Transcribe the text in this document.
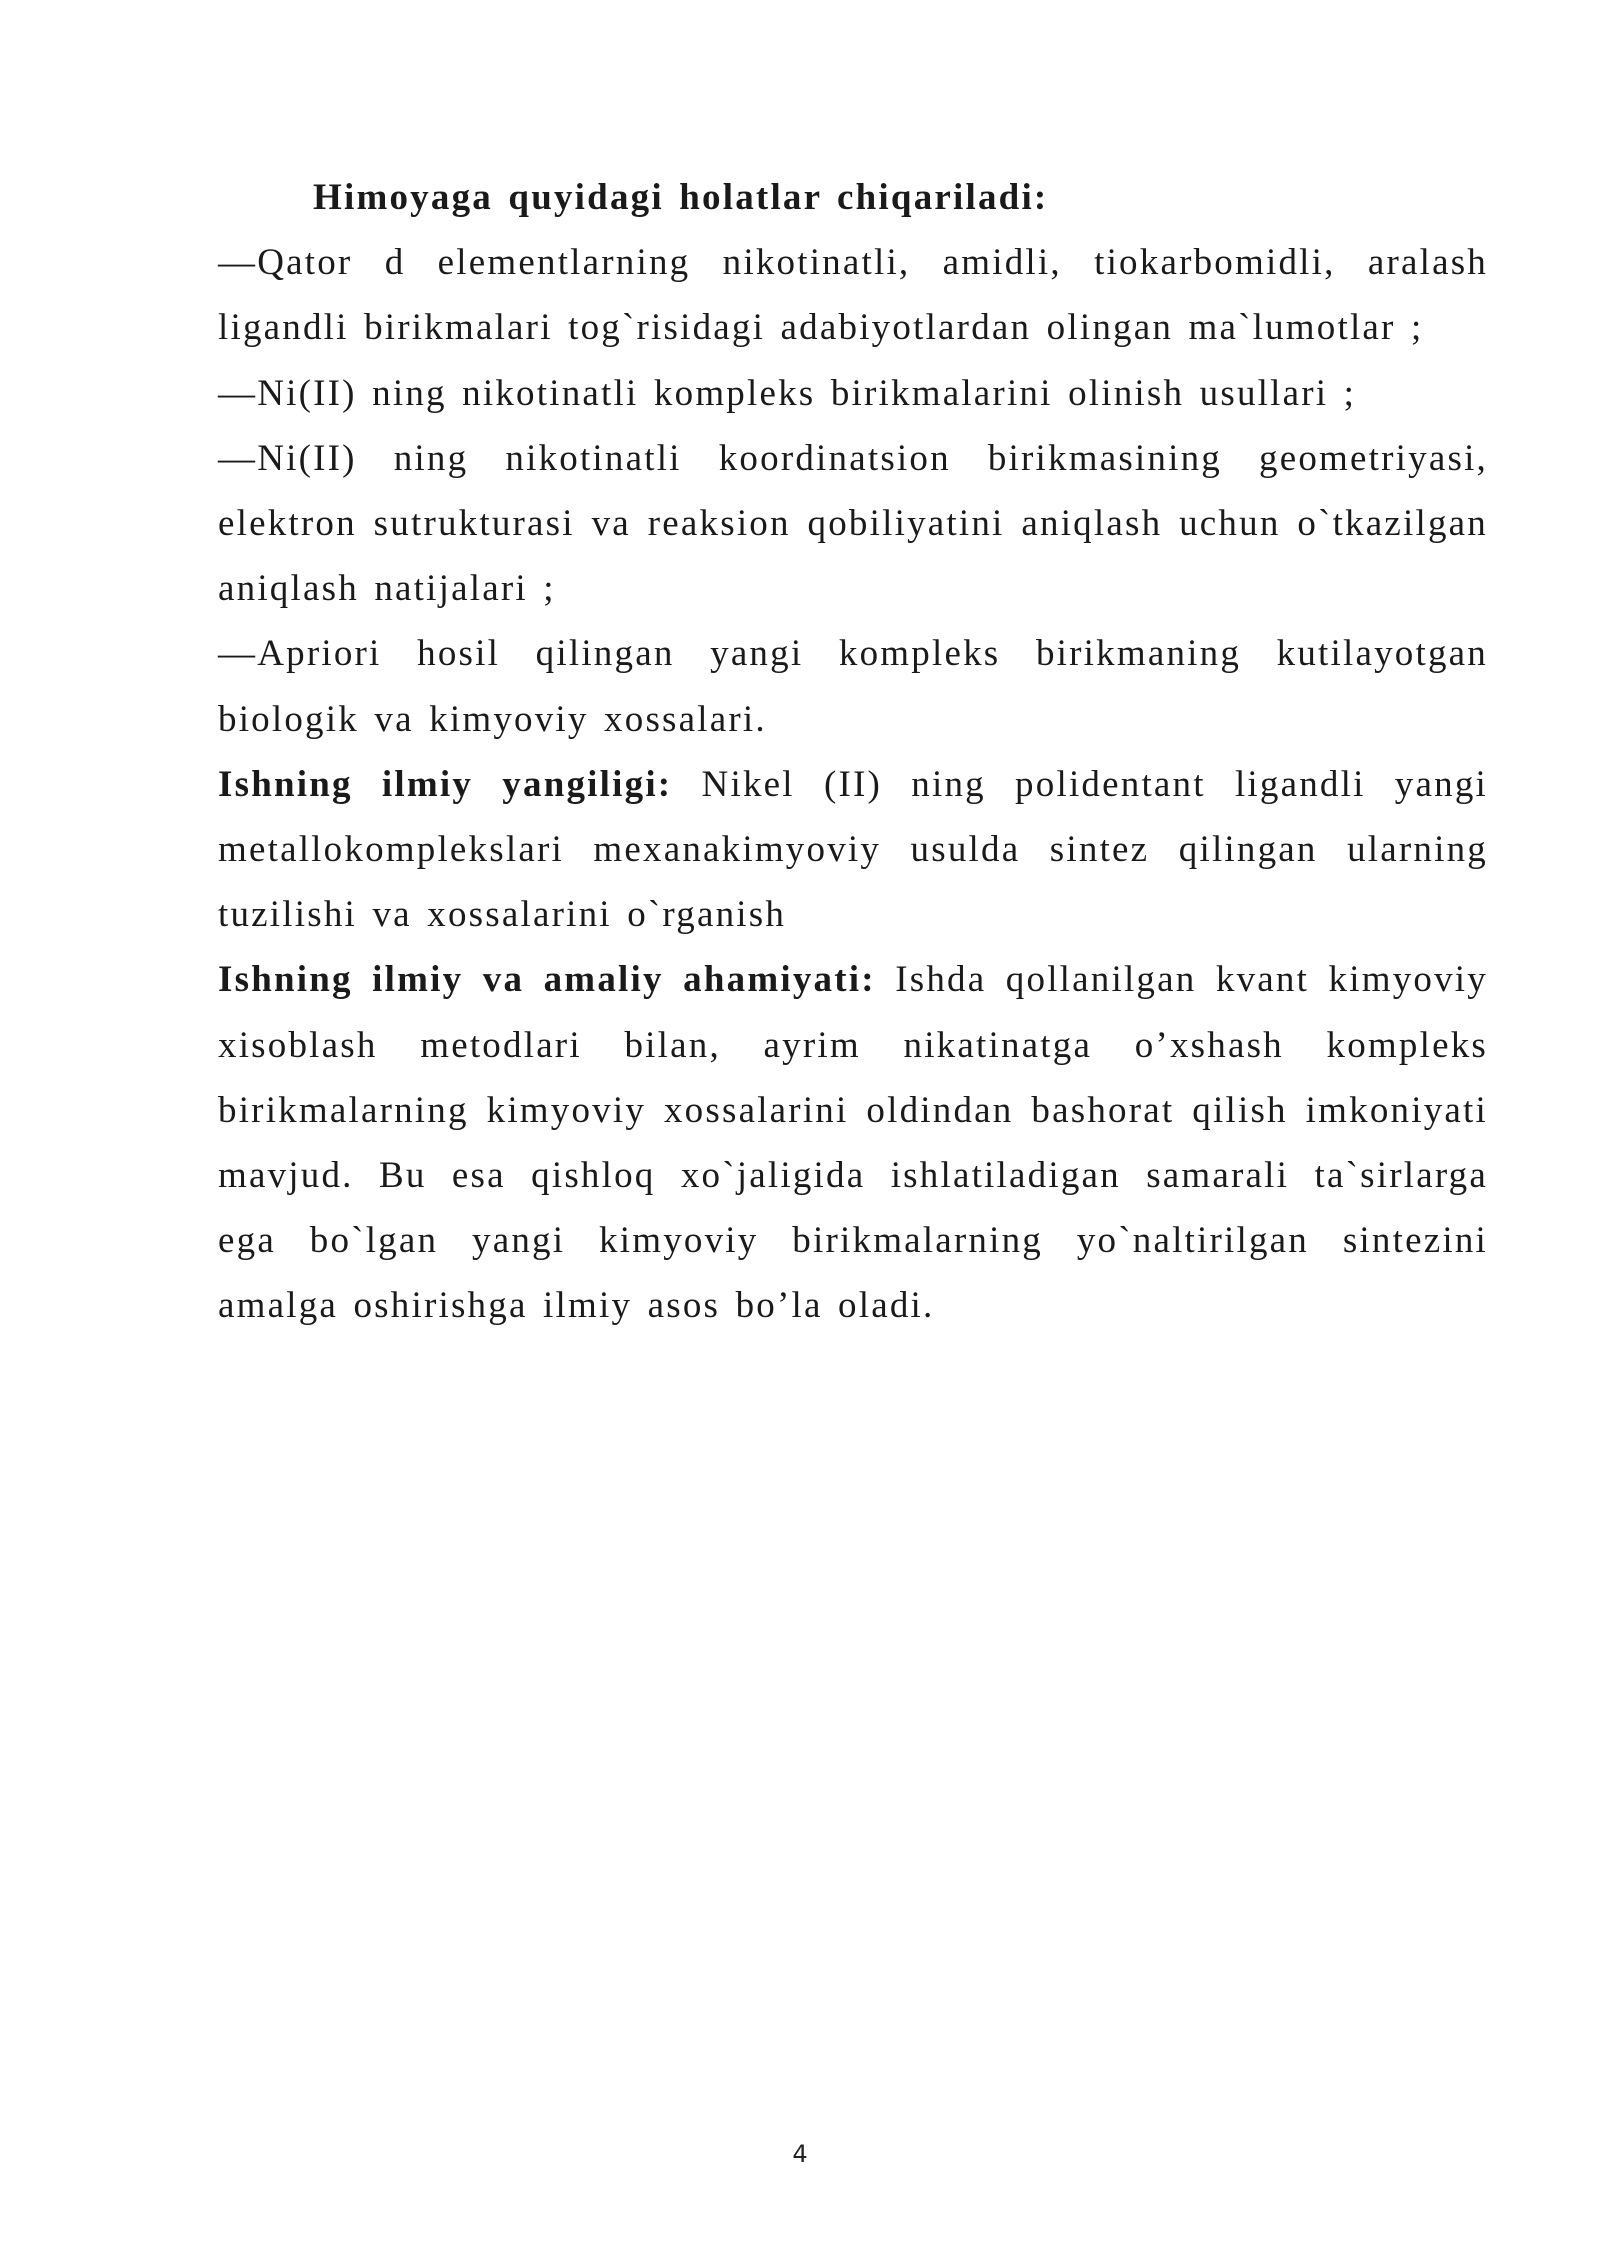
Himoyaga quyidagi holatlar chiqariladi:

—Qator d elementlarning nikotinatli, amidli, tiokarbomidli, aralash ligandli birikmalari tog`risidagi adabiyotlardan olingan ma`lumotlar ;

—Ni(II) ning nikotinatli kompleks birikmalarini olinish usullari ;

—Ni(II) ning nikotinatli koordinatsion birikmasining geometriyasi, elektron sutrukturasi va reaksion qobiliyatini aniqlash uchun o`tkazilgan aniqlash natijalari ;

—Apriori hosil qilingan yangi kompleks birikmaning kutilayotgan biologik va kimyoviy xossalari.

Ishning ilmiy yangiligi: Nikel (II) ning polidentant ligandli yangi metallokomplekslari mexanakimyoviy usulda sintez qilingan ularning tuzilishi va xossalarini o`rganish

Ishning ilmiy va amaliy ahamiyati: Ishda qollanilgan kvant kimyoviy xisoblash metodlari bilan, ayrim nikatinatga o’xshash kompleks birikmalarning kimyoviy xossalarini oldindan bashorat qilish imkoniyati mavjud. Bu esa qishloq xo`jaligida ishlatiladigan samarali ta`sirlarga ega bo`lgan yangi kimyoviy birikmalarning yo`naltirilgan sintezini amalga oshirishga ilmiy asos bo’la oladi.

4
